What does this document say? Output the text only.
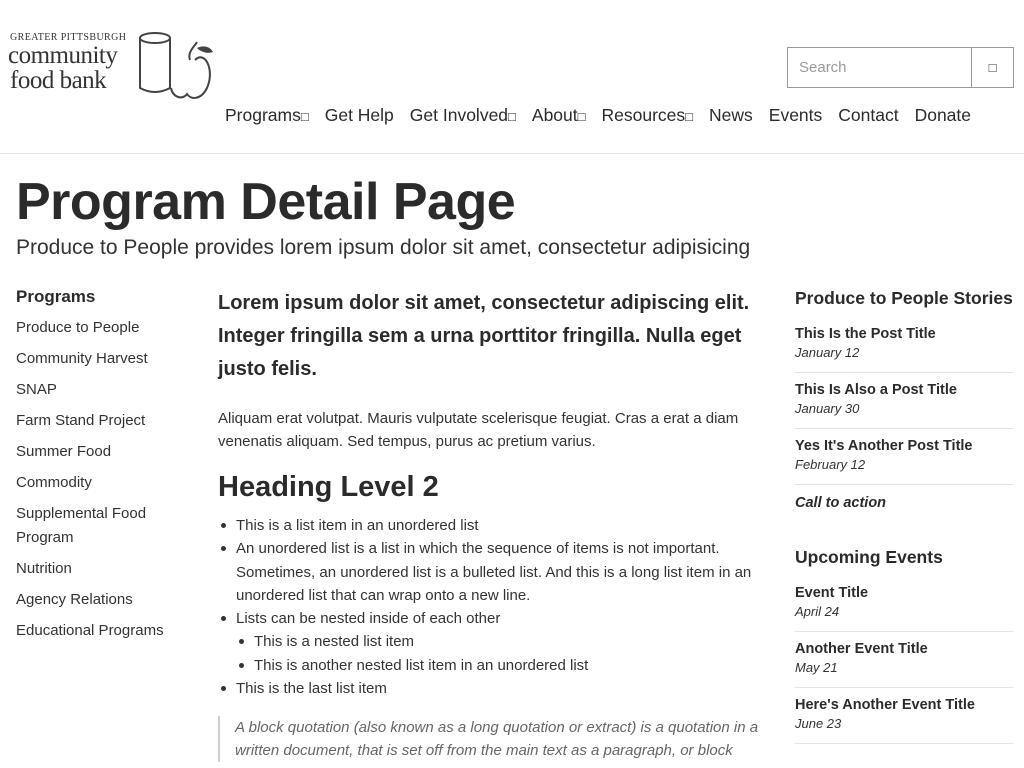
GREATER PITTSBURGH
community
food bank
Search	□
Programs□ Get Help Get Involved□ About□ Resources□ News Events Contact Donate
Program Detail Page
Produce to People provides lorem ipsum dolor sit amet, consectetur adipisicing
Programs
Produce to People
Community Harvest
SNAP
Farm Stand Project
Summer Food
Commodity
Supplemental Food Program
Nutrition
Agency Relations
Educational Programs

Lorem ipsum dolor sit amet, consectetur adipiscing elit. Integer fringilla sem a urna porttitor fringilla. Nulla eget justo felis.

Aliquam erat volutpat. Mauris vulputate scelerisque feugiat. Cras a erat a diam venenatis aliquam. Sed tempus, purus ac pretium varius.

Heading Level 2
This is a list item in an unordered list
An unordered list is a list in which the sequence of items is not important. Sometimes, an unordered list is a bulleted list. And this is a long list item in an unordered list that can wrap onto a new line.
Lists can be nested inside of each other
This is a nested list item
This is another nested list item in an unordered list
This is the last list item
A block quotation (also known as a long quotation or extract) is a quotation in a written document, that is set off from the main text as a paragraph, or block
Produce to People Stories
This Is the Post Title
January 12
This Is Also a Post Title
January 30
Yes It's Another Post Title
February 12
Call to action
Upcoming Events
Event Title
April 24
Another Event Title
May 21
Here's Another Event Title
June 23
